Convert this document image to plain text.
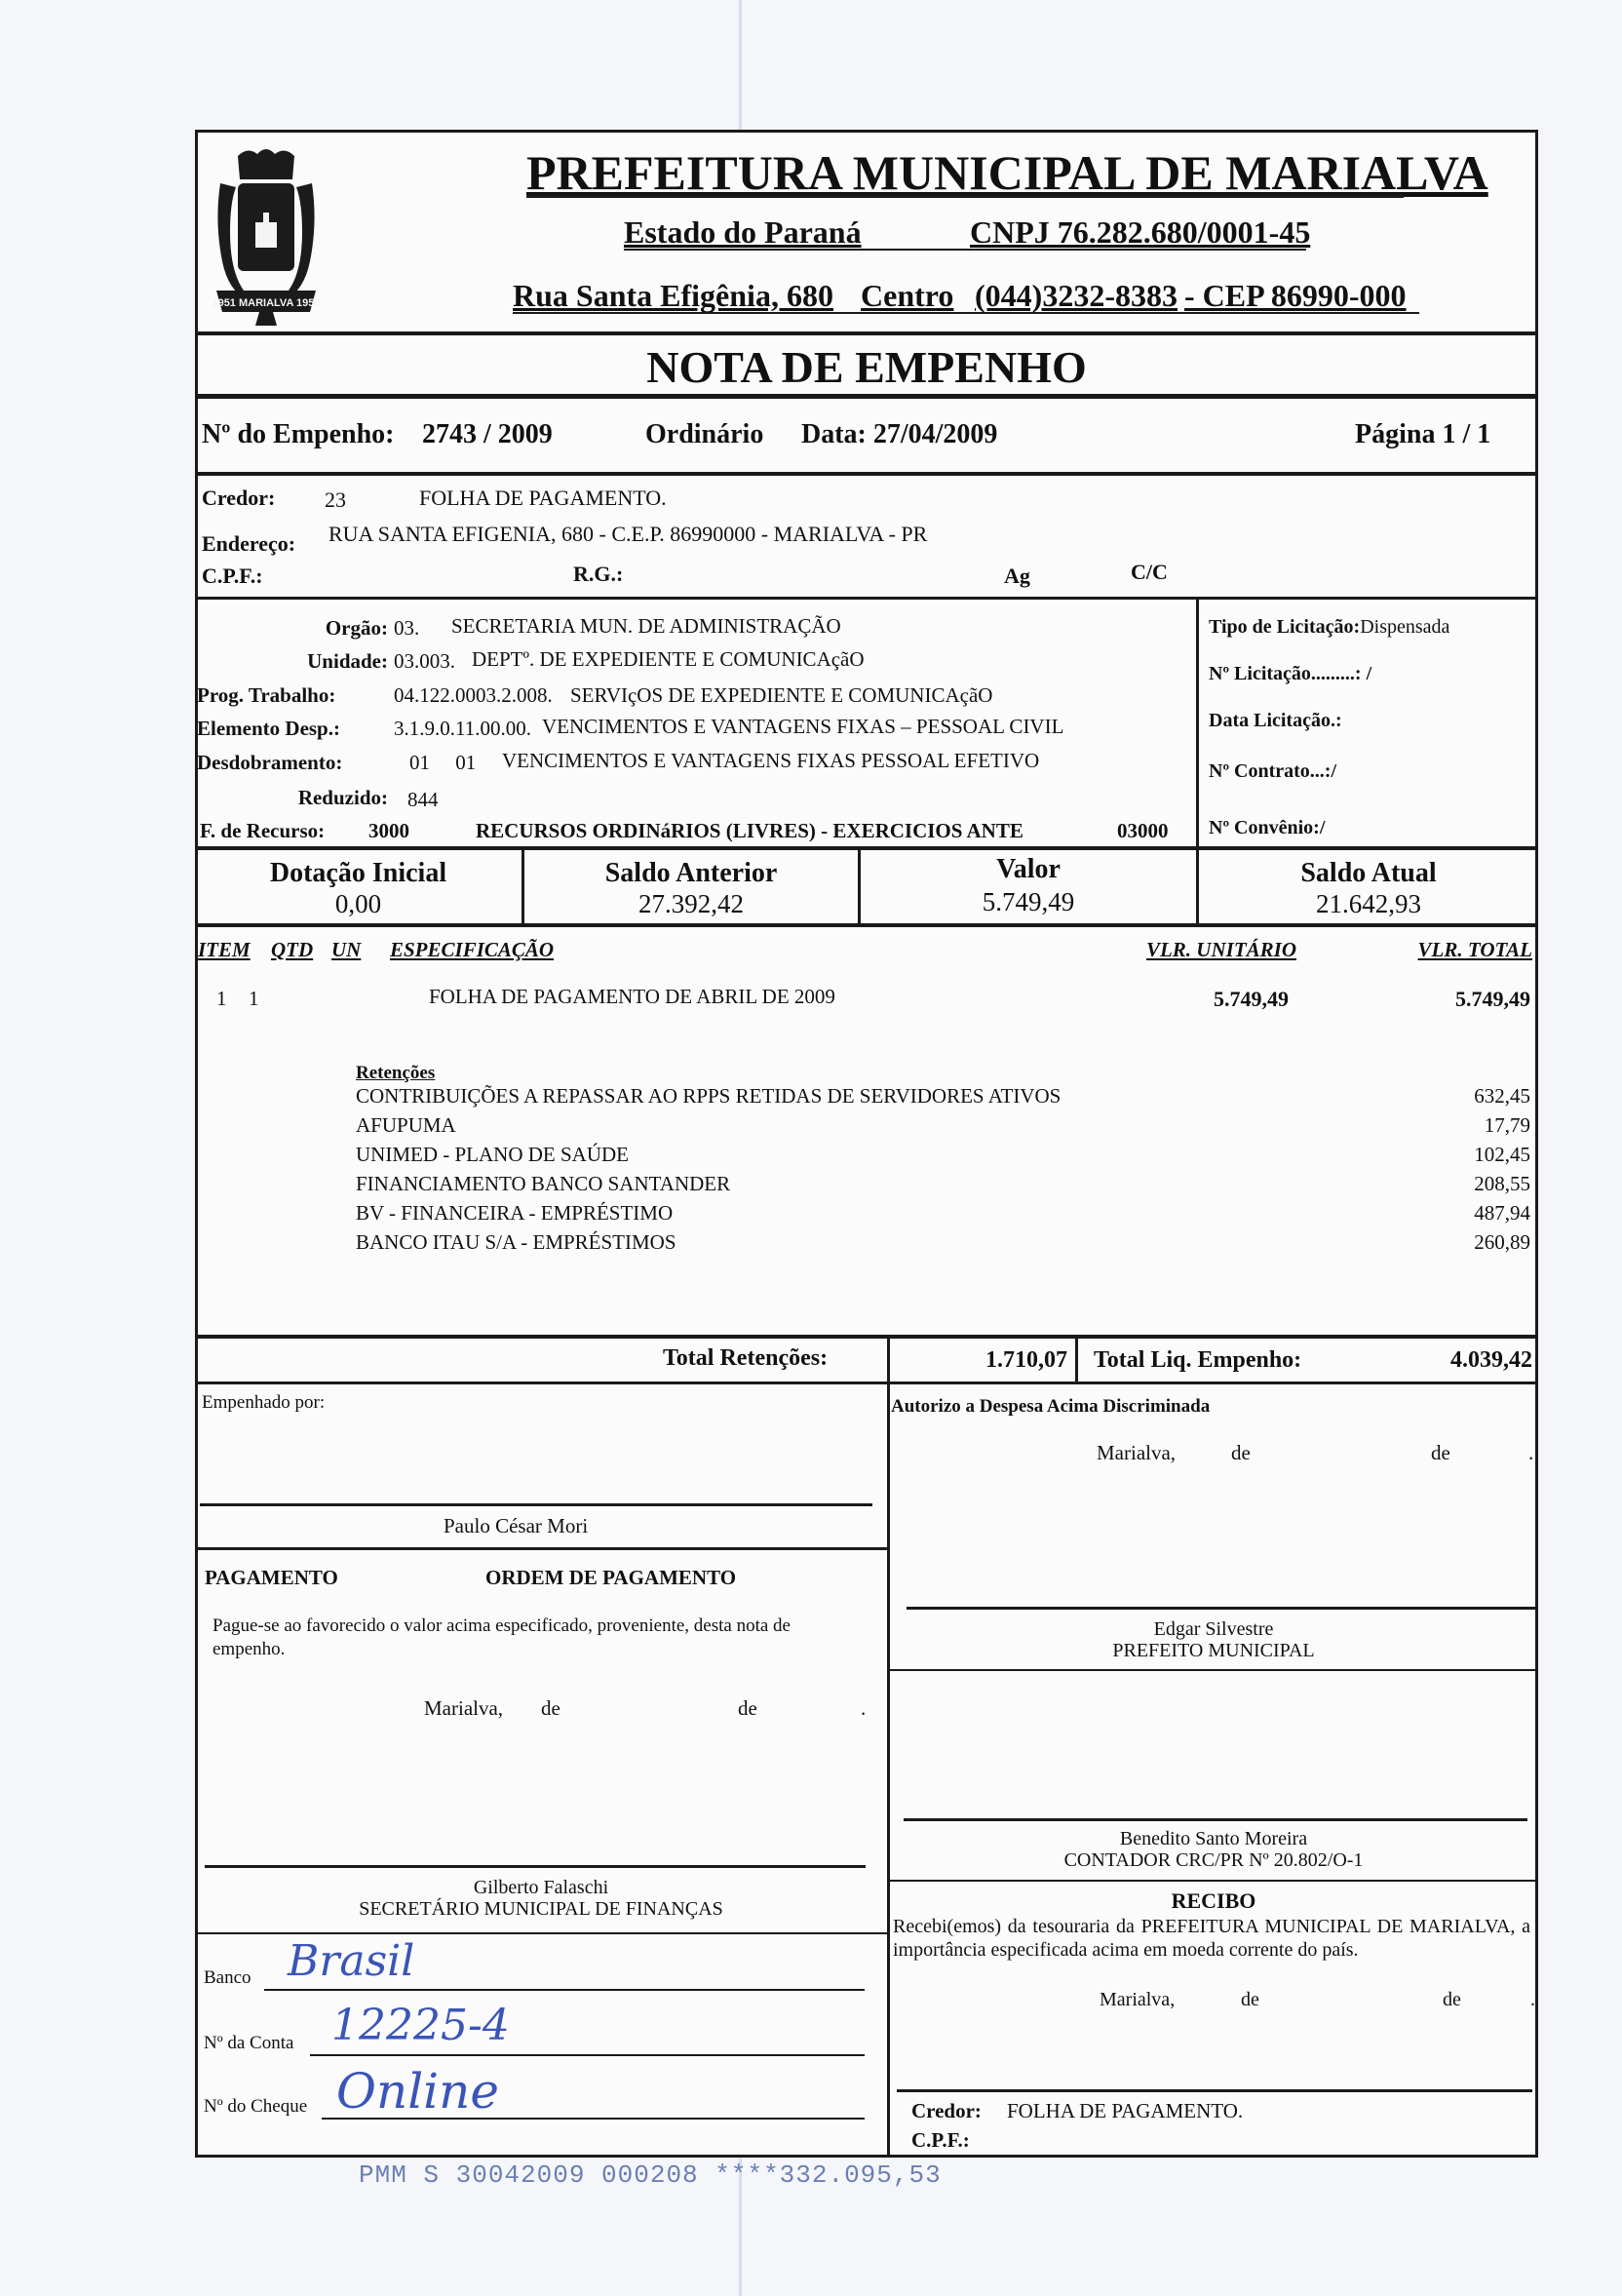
1951 MARIALVA 1955
PREFEITURA MUNICIPAL DE MARIALVA
Estado do Paraná	CNPJ 76.282.680/0001-45
Rua Santa Efigênia, 680 Centro (044)3232-8383 - CEP 86990-000
NOTA DE EMPENHO
Nº do Empenho: 2743 / 2009	Ordinário Data: 27/04/2009	Página 1 / 1
Credor: 23	FOLHA DE PAGAMENTO.
Endereço: RUA SANTA EFIGENIA, 680 - C.E.P. 86990000 - MARIALVA - PR
C.P.F.:	R.G.:	Ag	C/C
Orgão: 03. SECRETARIA MUN. DE ADMINISTRAÇÃO
Unidade: 03.003. DEPTº. DE EXPEDIENTE E COMUNICAçãO
Prog. Trabalho:	04.122.0003.2.008. SERVIçOS DE EXPEDIENTE E COMUNICAçãO
Elemento Desp.:	3.1.9.0.11.00.00. VENCIMENTOS E VANTAGENS FIXAS – PESSOAL CIVIL
Desdobramento:	01     01 VENCIMENTOS E VANTAGENS FIXAS PESSOAL EFETIVO
Reduzido: 844
F. de Recurso: 3000	RECURSOS ORDINáRIOS (LIVRES) - EXERCICIOS ANTE	03000
Tipo de Licitação:Dispensada
Nº Licitação.........: /
Data Licitação.:
Nº Contrato...:/
Nº Convênio:/
Dotação Inicial
0,00
Saldo Anterior
27.392,42
Valor
5.749,49
Saldo Atual
21.642,93
ITEM QTD UN ESPECIFICAÇÃO	VLR. UNITÁRIO	VLR. TOTAL
1 1	FOLHA DE PAGAMENTO DE ABRIL DE 2009	5.749,49	5.749,49
Retenções
CONTRIBUIÇÕES A REPASSAR AO RPPS RETIDAS DE SERVIDORES ATIVOS	632,45
AFUPUMA	17,79
UNIMED - PLANO DE SAÚDE	102,45
FINANCIAMENTO BANCO SANTANDER	208,55
BV - FINANCEIRA - EMPRÉSTIMO	487,94
BANCO ITAU S/A - EMPRÉSTIMOS	260,89
Total Retenções:	1.710,07 Total Liq. Empenho:	4.039,42
Empenhado por:
Paulo César Mori
Autorizo a Despesa Acima Discriminada
Marialva,	de	de	.
PAGAMENTO	ORDEM DE PAGAMENTO
Pague-se ao favorecido o valor acima especificado, proveniente, desta nota de empenho.
Marialva, de	de	.
Edgar Silvestre
PREFEITO MUNICIPAL
Benedito Santo Moreira
CONTADOR CRC/PR Nº 20.802/O-1
Gilberto Falaschi
SECRETÁRIO MUNICIPAL DE FINANÇAS
Banco Brasil
Nº da Conta 12225-4
Nº do Cheque Online
RECIBO
Recebi(emos) da tesouraria da PREFEITURA MUNICIPAL DE MARIALVA, a importância especificada acima em moeda corrente do país.
Marialva,	de	de	.
Credor: FOLHA DE PAGAMENTO.
C.P.F.:
PMM S 30042009 000208 ****332.095,53
